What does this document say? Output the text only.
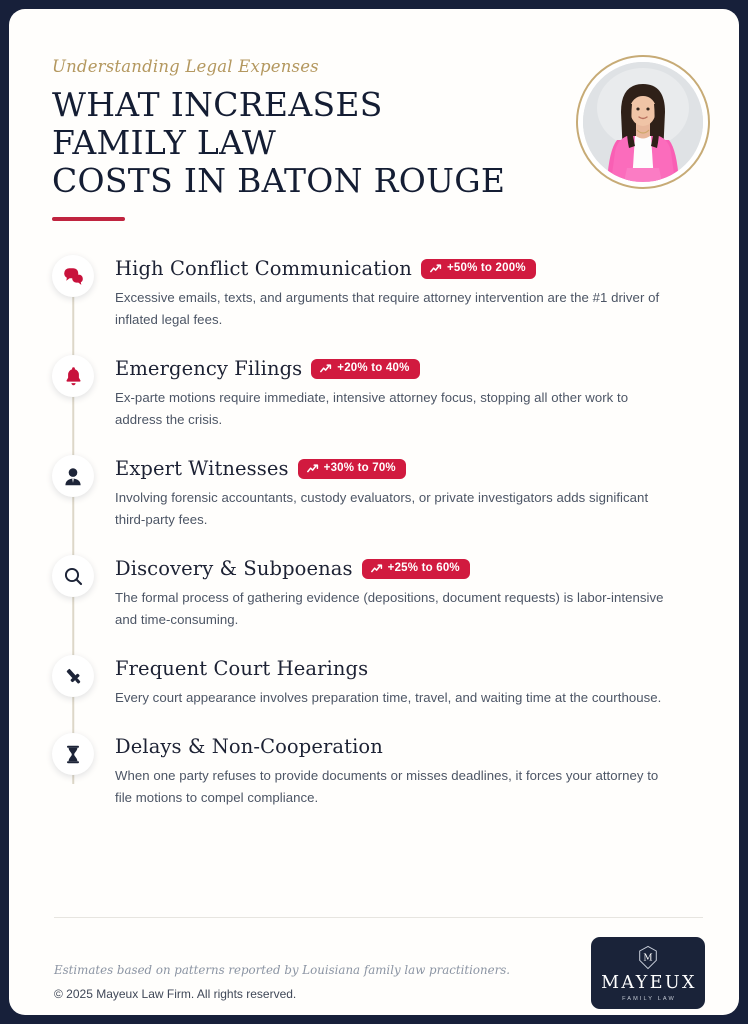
Understanding Legal Expenses
WHAT INCREASES FAMILY LAW
COSTS IN BATON ROUGE
High Conflict Communication	+50% to 200%
Excessive emails, texts, and arguments that require attorney intervention are the #1 driver of inflated legal fees.
Emergency Filings	+20% to 40%
Ex-parte motions require immediate, intensive attorney focus, stopping all other work to address the crisis.
Expert Witnesses	+30% to 70%
Involving forensic accountants, custody evaluators, or private investigators adds significant third-party fees.
Discovery & Subpoenas	+25% to 60%
The formal process of gathering evidence (depositions, document requests) is labor-intensive and time-consuming.
Frequent Court Hearings
Every court appearance involves preparation time, travel, and waiting time at the courthouse.
Delays & Non-Cooperation
When one party refuses to provide documents or misses deadlines, it forces your attorney to file motions to compel compliance.
Estimates based on patterns reported by Louisiana family law practitioners.
© 2025 Mayeux Law Firm. All rights reserved.
M
MAYEUX
FAMILY LAW
